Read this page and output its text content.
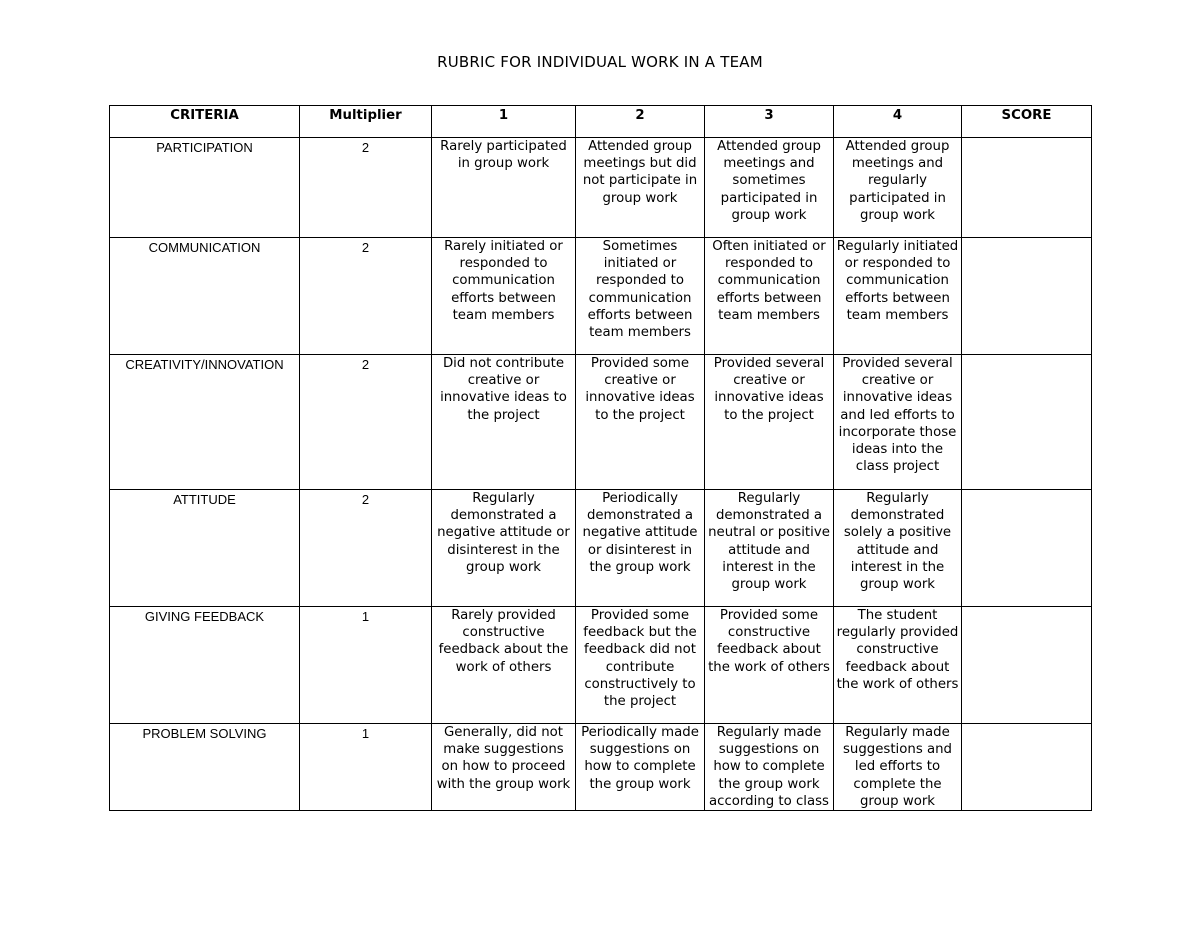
RUBRIC FOR INDIVIDUAL WORK IN A TEAM
CRITERIA	Multiplier	1	2	3	4	SCORE
PARTICIPATION	2	Rarely participated in group work	Attended group meetings but did not participate in group work	Attended group meetings and sometimes participated in group work	Attended group meetings and regularly participated in group work	
COMMUNICATION	2	Rarely initiated or responded to communication efforts between team members	Sometimes initiated or responded to communication efforts between team members	Often initiated or responded to communication efforts between team members	Regularly initiated or responded to communication efforts between team members	
CREATIVITY/INNOVATION	2	Did not contribute creative or innovative ideas to the project	Provided some creative or innovative ideas to the project	Provided several creative or innovative ideas to the project	Provided several creative or innovative ideas and led efforts to incorporate those ideas into the class project	
ATTITUDE	2	Regularly demonstrated a negative attitude or disinterest in the group work	Periodically demonstrated a negative attitude or disinterest in the group work	Regularly demonstrated a neutral or positive attitude and interest in the group work	Regularly demonstrated solely a positive attitude and interest in the group work	
GIVING FEEDBACK	1	Rarely provided constructive feedback about the work of others	Provided some feedback but the feedback did not contribute constructively to the project	Provided some constructive feedback about the work of others	The student regularly provided constructive feedback about the work of others	
PROBLEM SOLVING	1	Generally, did not make suggestions on how to proceed with the group work	Periodically made suggestions on how to complete the group work	Regularly made suggestions on how to complete the group work according to class	Regularly made suggestions and led efforts to complete the group work	
